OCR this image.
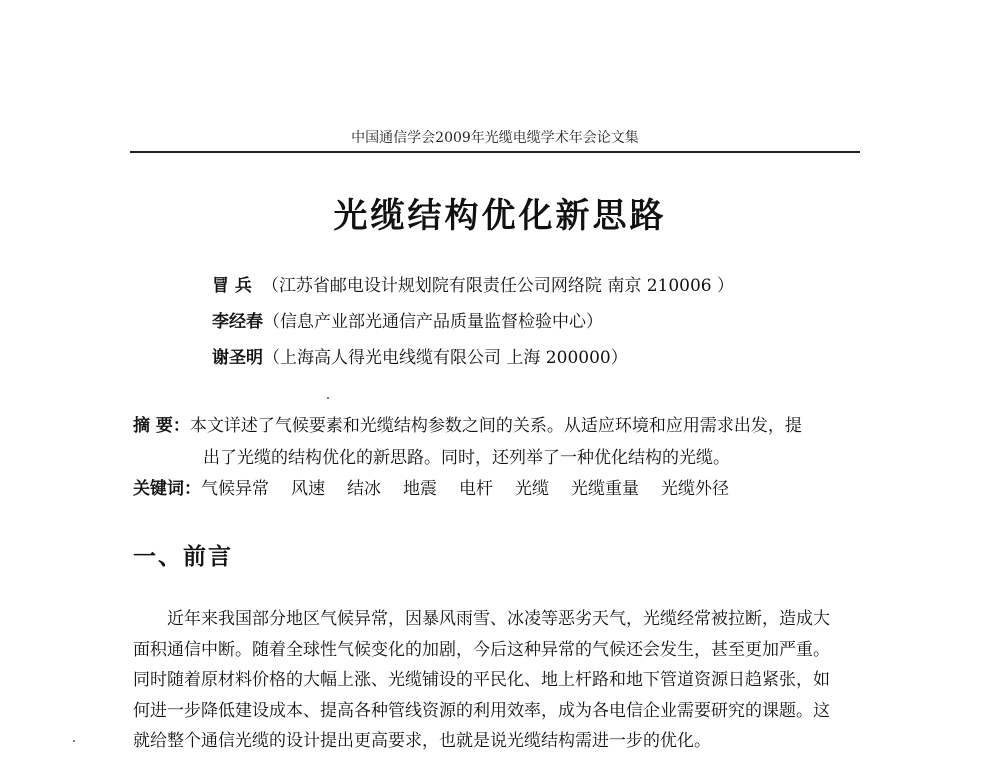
中国通信学会2009年光缆电缆学术年会论文集
光缆结构优化新思路
冒 兵 （江苏省邮电设计规划院有限责任公司网络院 南京 210006 ）
李经春（信息产业部光通信产品质量监督检验中心）
谢圣明（上海高人得光电线缆有限公司 上海 200000）
摘 要：本文详述了气候要素和光缆结构参数之间的关系。从适应环境和应用需求出发，提
出了光缆的结构优化的新思路。同时，还列举了一种优化结构的光缆。
关键词：气候异常 风速 结冰 地震 电杆 光缆 光缆重量 光缆外径
一、前言
近年来我国部分地区气候异常，因暴风雨雪、冰凌等恶劣天气，光缆经常被拉断，造成大
面积通信中断。随着全球性气候变化的加剧，今后这种异常的气候还会发生，甚至更加严重。
同时随着原材料价格的大幅上涨、光缆铺设的平民化、地上杆路和地下管道资源日趋紧张，如
何进一步降低建设成本、提高各种管线资源的利用效率，成为各电信企业需要研究的课题。这
就给整个通信光缆的设计提出更高要求，也就是说光缆结构需进一步的优化。
